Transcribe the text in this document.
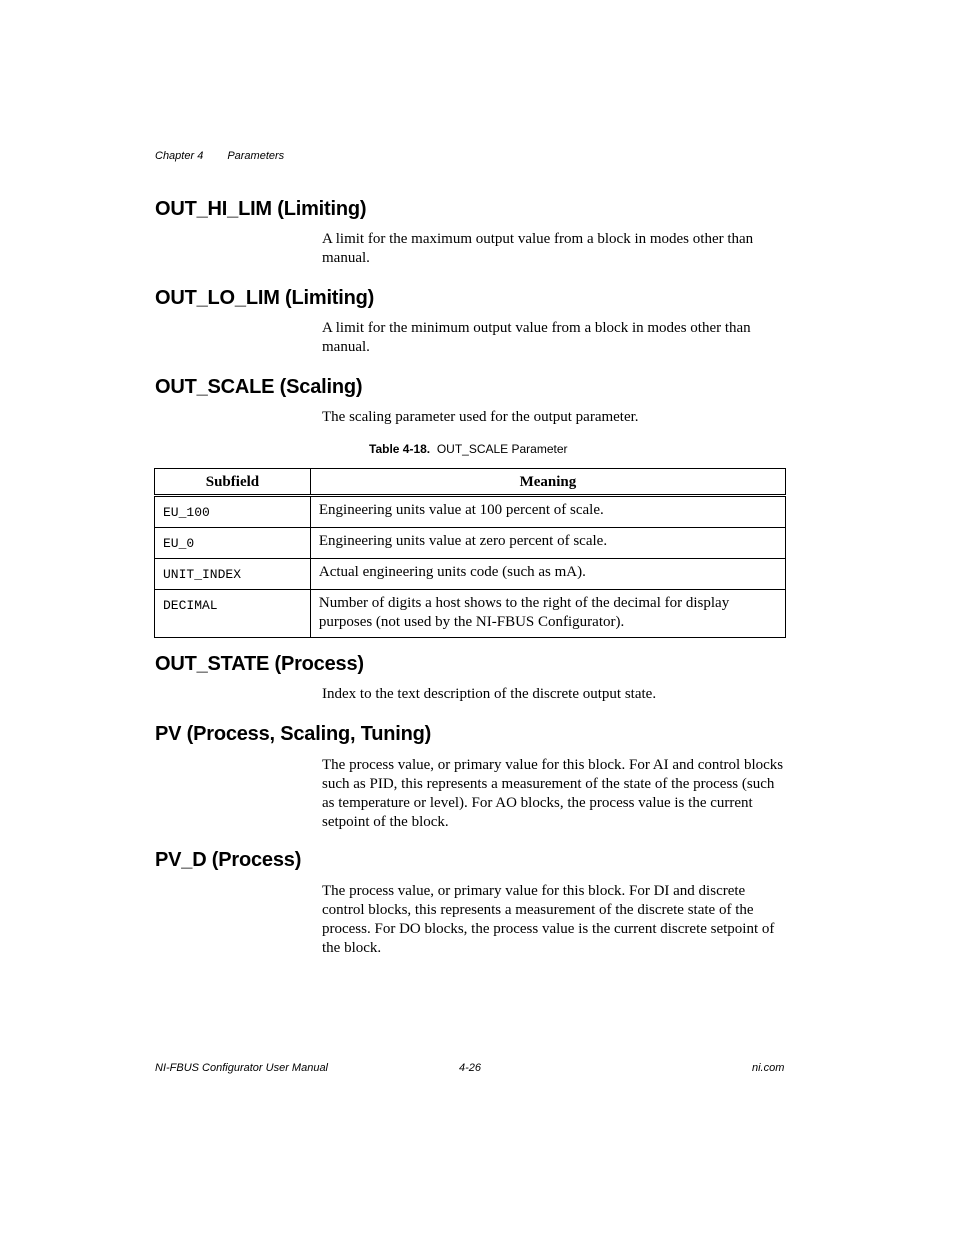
Chapter 4 Parameters
OUT_HI_LIM (Limiting)

A limit for the maximum output value from a block in modes other than manual.

OUT_LO_LIM (Limiting)

A limit for the minimum output value from a block in modes other than manual.

OUT_SCALE (Scaling)

The scaling parameter used for the output parameter.

Table 4-18. OUT_SCALE Parameter
Subfield	Meaning
EU_100	Engineering units value at 100 percent of scale.
EU_0	Engineering units value at zero percent of scale.
UNIT_INDEX	Actual engineering units code (such as mA).
DECIMAL	Number of digits a host shows to the right of the decimal for display purposes (not used by the NI-FBUS Configurator).
OUT_STATE (Process)

Index to the text description of the discrete output state.

PV (Process, Scaling, Tuning)

The process value, or primary value for this block. For AI and control blocks such as PID, this represents a measurement of the state of the process (such as temperature or level). For AO blocks, the process value is the current setpoint of the block.

PV_D (Process)

The process value, or primary value for this block. For DI and discrete control blocks, this represents a measurement of the discrete state of the process. For DO blocks, the process value is the current discrete setpoint of the block.

NI-FBUS Configurator User Manual	4-26	ni.com
